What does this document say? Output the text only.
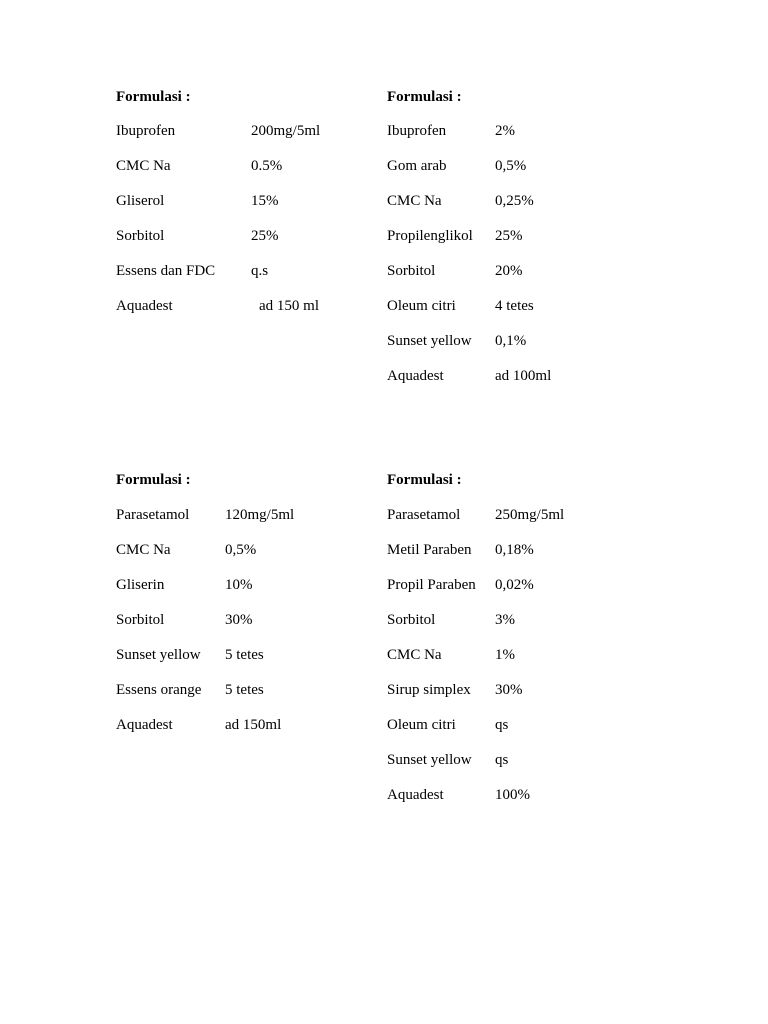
Formulasi :
Ibuprofen	200mg/5ml
CMC Na	0.5%
Gliserol	15%
Sorbitol	25%
Essens dan FDC q.s
Aquadest	ad 150 ml
Formulasi :
Ibuprofen	2%
Gom arab	0,5%
CMC Na	0,25%
Propilenglikol 25%
Sorbitol	20%
Oleum citri	4 tetes
Sunset yellow 0,1%
Aquadest	ad 100ml
Formulasi :
Parasetamol 120mg/5ml
CMC Na	0,5%
Gliserin	10%
Sorbitol	30%
Sunset yellow 5 tetes
Essens orange 5 tetes
Aquadest	ad 150ml
Formulasi :
Parasetamol 250mg/5ml
Metil Paraben 0,18%
Propil Paraben 0,02%
Sorbitol	3%
CMC Na	1%
Sirup simplex 30%
Oleum citri	qs
Sunset yellow qs
Aquadest	100%
